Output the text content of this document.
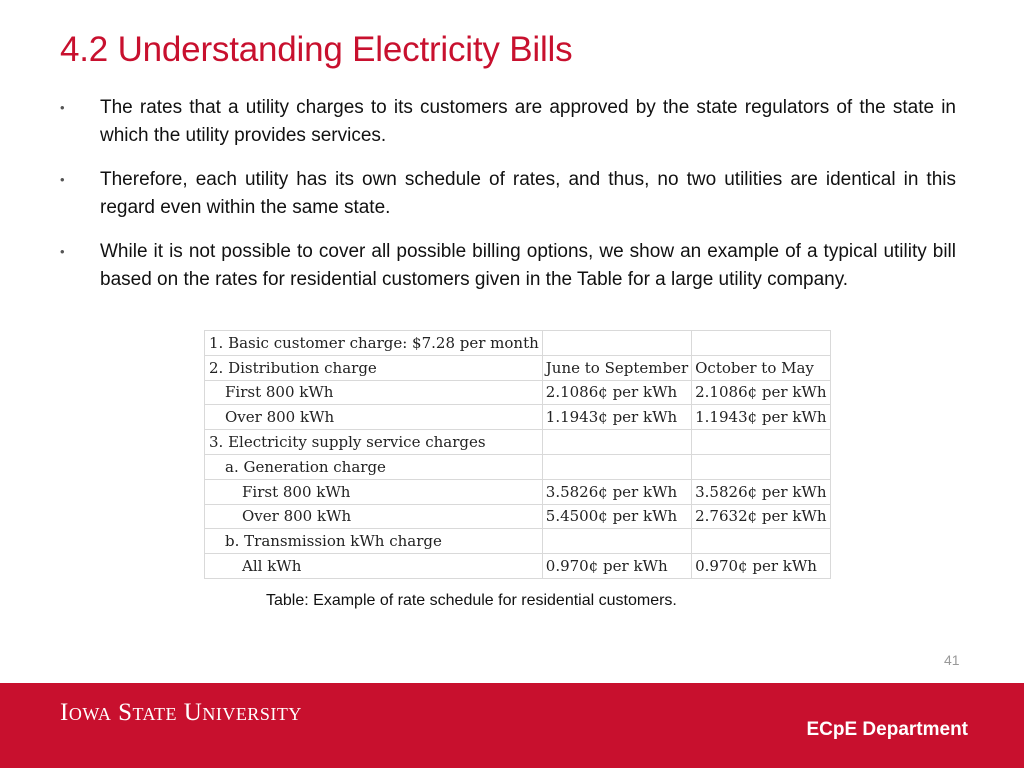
4.2 Understanding Electricity Bills
• The rates that a utility charges to its customers are approved by the state regulators of the state in which the utility provides services.
• Therefore, each utility has its own schedule of rates, and thus, no two utilities are identical in this regard even within the same state.
• While it is not possible to cover all possible billing options, we show an example of a typical utility bill based on the rates for residential customers given in the Table for a large utility company.
1. Basic customer charge: $7.28 per month		
2. Distribution charge	June to September	October to May
First 800 kWh	2.1086¢ per kWh	2.1086¢ per kWh
Over 800 kWh	1.1943¢ per kWh	1.1943¢ per kWh
3. Electricity supply service charges		
a. Generation charge		
First 800 kWh	3.5826¢ per kWh	3.5826¢ per kWh
Over 800 kWh	5.4500¢ per kWh	2.7632¢ per kWh
b. Transmission kWh charge		
All kWh	0.970¢ per kWh	0.970¢ per kWh
Table: Example of rate schedule for residential customers.
41
Iowa State University
ECpE Department
